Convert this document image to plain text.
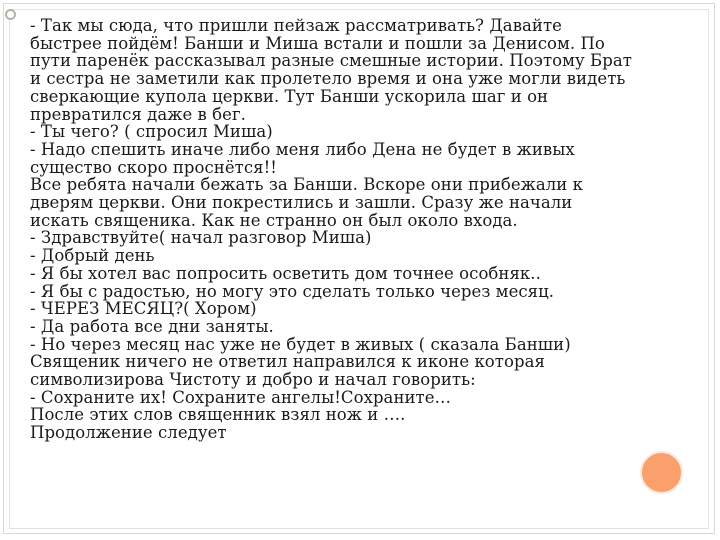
- Так мы сюда, что пришли пейзаж рассматривать? Давайте
быстрее пойдём! Банши и Миша встали и пошли за Денисом. По
пути паренёк рассказывал разные смешные истории. Поэтому Брат
и сестра не заметили как пролетело время и она уже могли видеть
сверкающие купола церкви. Тут Банши ускорила шаг и он
превратился даже в бег.
- Ты чего? ( спросил Миша)
- Надо спешить иначе либо меня либо Дена не будет в живых
существо скоро проснётся!!
Все ребята начали бежать за Банши. Вскоре они прибежали к
дверям церкви. Они покрестились и зашли. Сразу же начали
искать священика. Как не странно он был около входа.
- Здравствуйте( начал разговор Миша)
- Добрый день
- Я бы хотел вас попросить осветить дом точнее особняк..
- Я бы с радостью, но могу это сделать только через месяц.
- ЧЕРЕЗ МЕСЯЦ?( Хором)
- Да работа все дни заняты.
- Но через месяц нас уже не будет в живых ( сказала Банши)
Священик ничего не ответил направился к иконе которая
символизирова Чистоту и добро и начал говорить:
- Сохраните их! Сохраните ангелы!Сохраните…
После этих слов священник взял нож и ….
Продолжение следует
